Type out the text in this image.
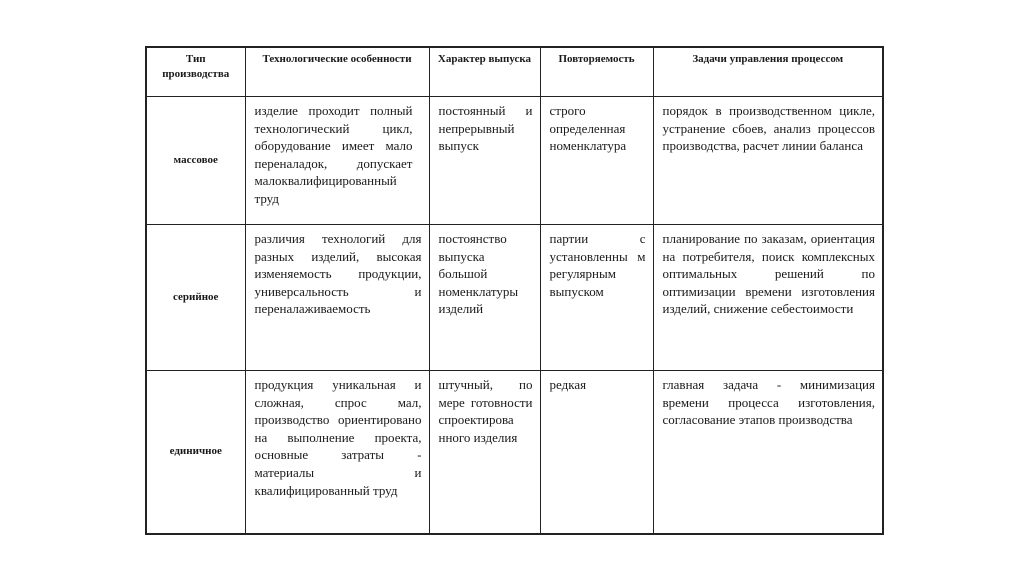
Тип производства	Технологические особенности	Характер выпуска	Повторяемость	Задачи управления процессом
массовое	изделие проходит полный технологический цикл, оборудование имеет мало переналадок, допускает малоквалифицированный труд	постоянный и непрерывный выпуск	строго определенная номенклатура	порядок в производственном цикле, устранение сбоев, анализ процессов производства, расчет линии баланса

серийное	различия технологий для разных изделий, высокая изменяемость продукции, универсальность и переналаживаемость	постоянство выпуска большой номенклатуры изделий	партии с установленны м регулярным выпуском	планирование по заказам, ориентация на потребителя, поиск комплексных оптимальных решений по оптимизации времени изготовления изделий, снижение себестоимости

единичное	продукция уникальная и сложная, спрос мал, производство ориентировано на выполнение проекта, основные затраты - материалы и квалифицированный труд	штучный, по мере готовности спроектирова нного изделия	редкая	главная задача - минимизация времени процесса изготовления, согласование этапов производства
